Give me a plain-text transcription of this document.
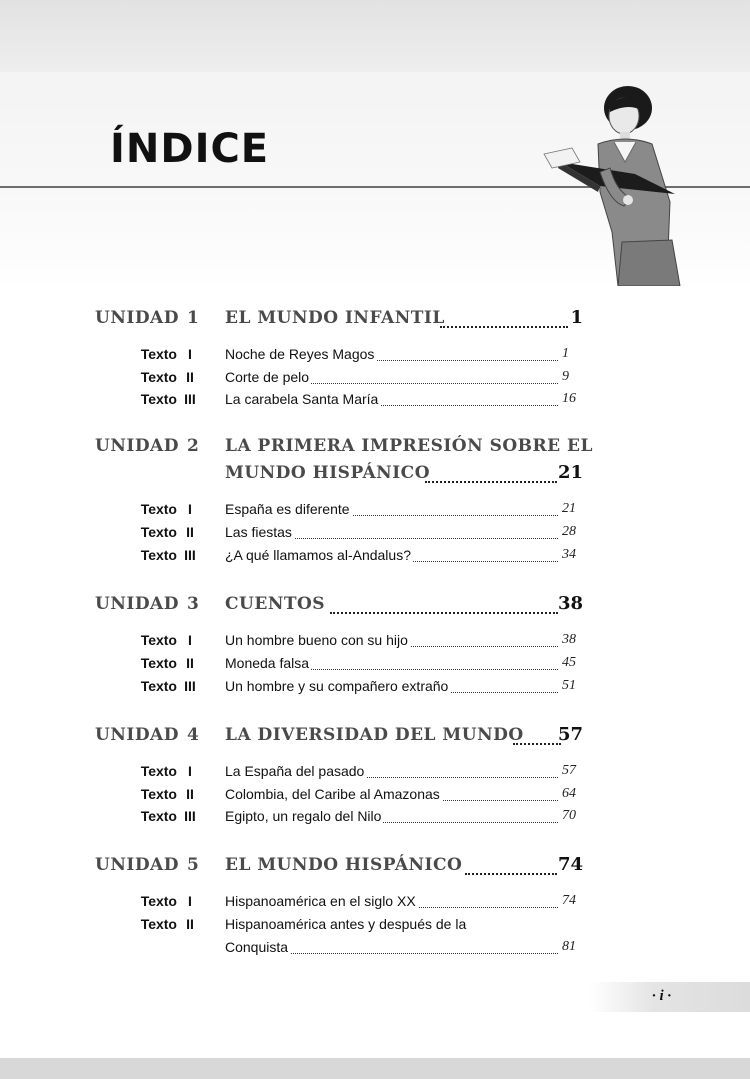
ÍNDICE
UNIDAD 1 EL MUNDO INFANTIL	1
Texto I	Noche de Reyes Magos	1
Texto II Corte de pelo	9
Texto III La carabela Santa María	16
UNIDAD 2 LA PRIMERA IMPRESIÓN SOBRE EL
MUNDO HISPÁNICO	21
Texto I	España es diferente	21
Texto II Las fiestas	28
Texto III ¿A qué llamamos al-Andalus?	34
UNIDAD 3 CUENTOS	38
Texto I	Un hombre bueno con su hijo	38
Texto II Moneda falsa	45
Texto III Un hombre y su compañero extraño	51
UNIDAD 4 LA DIVERSIDAD DEL MUNDO 57
Texto I	La España del pasado	57
Texto II Colombia, del Caribe al Amazonas	64
Texto III Egipto, un regalo del Nilo	70
UNIDAD 5 EL MUNDO HISPÁNICO	74
Texto I	Hispanoamérica en el siglo XX	74
Texto II Hispanoamérica antes y después de la
Conquista	81
· i ·
